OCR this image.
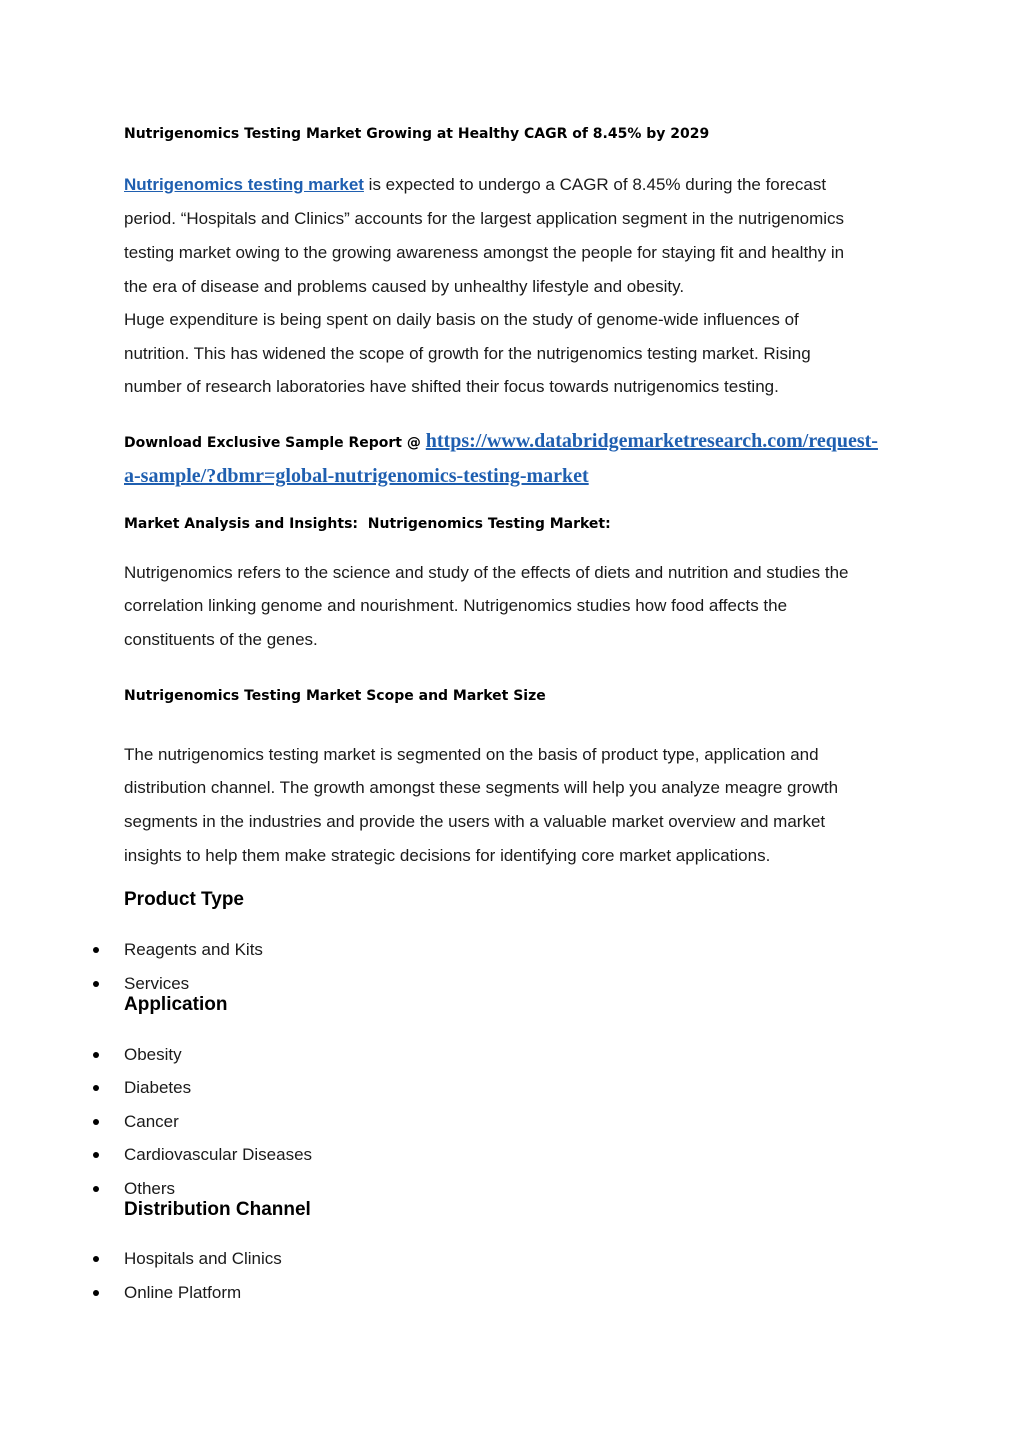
Nutrigenomics Testing Market Growing at Healthy CAGR of 8.45% by 2029
Nutrigenomics testing market is expected to undergo a CAGR of 8.45% during the forecast
period. “Hospitals and Clinics” accounts for the largest application segment in the nutrigenomics
testing market owing to the growing awareness amongst the people for staying fit and healthy in
the era of disease and problems caused by unhealthy lifestyle and obesity.
Huge expenditure is being spent on daily basis on the study of genome-wide influences of
nutrition. This has widened the scope of growth for the nutrigenomics testing market. Rising
number of research laboratories have shifted their focus towards nutrigenomics testing.
Download Exclusive Sample Report @ https://www.databridgemarketresearch.com/request-
a-sample/?dbmr=global-nutrigenomics-testing-market
Market Analysis and Insights:  Nutrigenomics Testing Market:
Nutrigenomics refers to the science and study of the effects of diets and nutrition and studies the
correlation linking genome and nourishment. Nutrigenomics studies how food affects the
constituents of the genes.
Nutrigenomics Testing Market Scope and Market Size
The nutrigenomics testing market is segmented on the basis of product type, application and
distribution channel. The growth amongst these segments will help you analyze meagre growth
segments in the industries and provide the users with a valuable market overview and market
insights to help them make strategic decisions for identifying core market applications.
Product Type
Reagents and Kits
Services
Application
Obesity
Diabetes
Cancer
Cardiovascular Diseases
Others
Distribution Channel
Hospitals and Clinics
Online Platform
